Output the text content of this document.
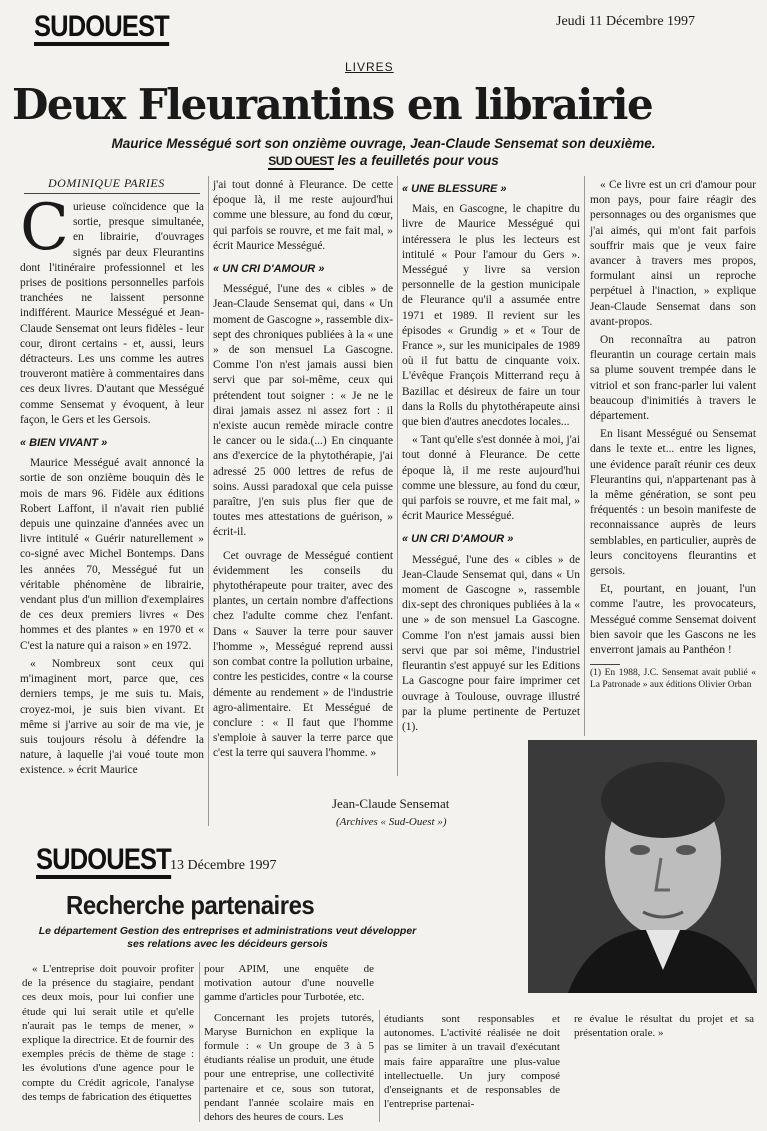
SUDOUEST	Jeudi 11 Décembre 1997
LIVRES
Deux Fleurantins en librairie
Maurice Mességué sort son onzième ouvrage, Jean-Claude Sensemat son deuxième.
SUD OUEST les a feuilletés pour vous
DOMINIQUE PARIES

Curieuse coïncidence que la sortie, presque simultanée, en librairie, d'ouvrages signés par deux Fleurantins dont l'itinéraire professionnel et les prises de positions personnelles parfois tranchées ne laissent personne indifférent. Maurice Mességué et Jean-Claude Sensemat ont leurs fidèles - leur cour, diront certains - et, aussi, leurs détracteurs. Les uns comme les autres trouveront matière à commentaires dans ces deux livres. D'autant que Mességué comme Sensemat y évoquent, à leur façon, le Gers et les Gersois.

« BIEN VIVANT »

Maurice Mességué avait annoncé la sortie de son onzième bouquin dès le mois de mars 96. Fidèle aux éditions Robert Laffont, il n'avait rien publié depuis une quinzaine d'années avec un livre intitulé « Guérir naturellement » co-signé avec Michel Bontemps. Dans les années 70, Mességué fut un véritable phénomène de librairie, vendant plus d'un million d'exemplaires de ces deux premiers livres « Des hommes et des plantes » en 1970 et « C'est la nature qui a raison » en 1972.

« Nombreux sont ceux qui m'imaginent mort, parce que, ces derniers temps, je me suis tu. Mais, croyez-moi, je suis bien vivant. Et même si j'arrive au soir de ma vie, je suis toujours résolu à défendre la nature, à laquelle j'ai voué toute mon existence. » écrit Maurice

j'ai tout donné à Fleurance. De cette époque là, il me reste aujourd'hui comme une blessure, au fond du cœur, qui parfois se rouvre, et me fait mal, » écrit Maurice Mességué.

« UN CRI D'AMOUR »

Mességué, l'une des « cibles » de Jean-Claude Sensemat qui, dans « Un moment de Gascogne », rassemble dix-sept des chroniques publiées à la « une » de son mensuel La Gascogne. Comme l'on n'est jamais aussi bien servi que par soi-même, ceux qui prétendent tout soigner : « Je ne le dirai jamais assez ni assez fort : il n'existe aucun remède miracle contre le cancer ou le sida.(...) En cinquante ans d'exercice de la phytothérapie, j'ai adressé 25 000 lettres de refus de soins. Aussi paradoxal que cela puisse paraître, j'en suis plus fier que de toutes mes attestations de guérison, » écrit-il.

Cet ouvrage de Mességué contient évidemment les conseils du phytothérapeute pour traiter, avec des plantes, un certain nombre d'affections chez l'adulte comme chez l'enfant. Dans « Sauver la terre pour sauver l'homme », Mességué reprend aussi son combat contre la pollution urbaine, contre les pesticides, contre « la course démente au rendement » de l'industrie agro-alimentaire. Et Mességué de conclure : « Il faut que l'homme s'emploie à sauver la terre parce que c'est la terre qui sauvera l'homme. »

« UNE BLESSURE »

Mais, en Gascogne, le chapitre du livre de Maurice Mességué qui intéressera le plus les lecteurs est intitulé « Pour l'amour du Gers ». Mességué y livre sa version personnelle de la gestion municipale de Fleurance qu'il a assumée entre 1971 et 1989. Il revient sur les épisodes « Grundig » et « Tour de France », sur les municipales de 1989 où il fut battu de cinquante voix. L'évêque François Mitterrand reçu à Bazillac et désireux de faire un tour dans la Rolls du phytothérapeute ainsi que bien d'autres anecdotes locales...

« Tant qu'elle s'est donnée à moi, j'ai tout donné à Fleurance. De cette époque là, il me reste aujourd'hui comme une blessure, au fond du cœur, qui parfois se rouvre, et me fait mal, » écrit Maurice Mességué.

« UN CRI D'AMOUR »

Mességué, l'une des « cibles » de Jean-Claude Sensemat qui, dans « Un moment de Gascogne », rassemble dix-sept des chroniques publiées à la « une » de son mensuel La Gascogne. Comme l'on n'est jamais aussi bien servi que par soi même, l'industriel fleurantin s'est appuyé sur les Editions La Gascogne pour faire imprimer cet ouvrage à Toulouse, ouvrage illustré par la plume pertinente de Pertuzet (1).

« Ce livre est un cri d'amour pour mon pays, pour faire réagir des personnages ou des organismes que j'ai aimés, qui m'ont fait parfois souffrir mais que je veux faire avancer à travers mes propos, formulant ainsi un reproche perpétuel à l'inaction, » explique Jean-Claude Sensemat dans son avant-propos.

On reconnaîtra au patron fleurantin un courage certain mais sa plume souvent trempée dans le vitriol et son franc-parler lui valent beaucoup d'inimitiés à travers le département.

En lisant Mességué ou Sensemat dans le texte et... entre les lignes, une évidence paraît réunir ces deux Fleurantins qui, n'appartenant pas à la même génération, se sont peu fréquentés : un besoin manifeste de reconnaissance auprès de leurs semblables, en particulier, auprès de leurs concitoyens fleurantins et gersois.

Et, pourtant, en jouant, l'un comme l'autre, les provocateurs, Mességué comme Sensemat doivent bien savoir que les Gascons ne les enverront jamais au Panthéon !

(1) En 1988, J.C. Sensemat avait publié « La Patronade » aux éditions Olivier Orban
Jean-Claude Sensemat
(Archives « Sud-Ouest »)
SUDOUEST 13 Décembre 1997
Recherche partenaires
Le département Gestion des entreprises et administrations veut développer ses relations avec les décideurs gersois

« L'entreprise doit pouvoir profiter de la présence du stagiaire, pendant ces deux mois, pour lui confier une étude qui lui serait utile et qu'elle n'aurait pas le temps de mener, » explique la directrice. Et de fournir des exemples précis de thème de stage : les évolutions d'une agence pour le compte du Crédit agricole, l'analyse des temps de fabrication des étiquettes

pour APIM, une enquête de motivation autour d'une nouvelle gamme d'articles pour Turbotée, etc.

Concernant les projets tutorés, Maryse Burnichon en explique la formule : « Un groupe de 3 à 5 étudiants réalise un produit, une étude pour une entreprise, une collectivité partenaire et ce, sous son tutorat, pendant l'année scolaire mais en dehors des heures de cours. Les

étudiants sont responsables et autonomes. L'activité réalisée ne doit pas se limiter à un travail d'exécutant mais faire apparaître une plus-value intellectuelle. Un jury composé d'enseignants et de responsables de l'entreprise partenai-

re évalue le résultat du projet et sa présentation orale. »
